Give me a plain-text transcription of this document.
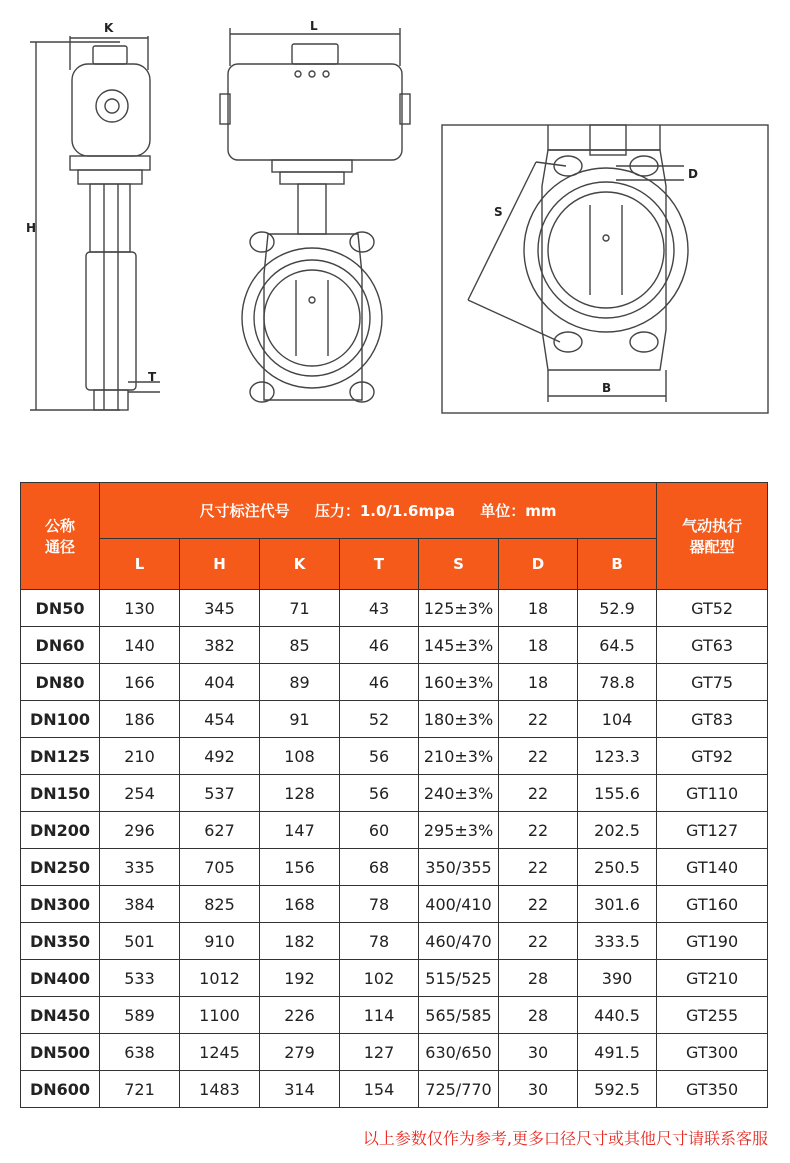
K
H
T
L
S
D
B
公称
通径	尺寸标注代号 压力：1.0/1.6mpa 单位：mm							气动执行
器配型
	L	H	K	T	S	D	B	
DN50	130	345	71	43	125±3%	18	52.9	GT52
DN60	140	382	85	46	145±3%	18	64.5	GT63
DN80	166	404	89	46	160±3%	18	78.8	GT75
DN100	186	454	91	52	180±3%	22	104	GT83
DN125	210	492	108	56	210±3%	22	123.3	GT92
DN150	254	537	128	56	240±3%	22	155.6	GT110
DN200	296	627	147	60	295±3%	22	202.5	GT127
DN250	335	705	156	68	350/355	22	250.5	GT140
DN300	384	825	168	78	400/410	22	301.6	GT160
DN350	501	910	182	78	460/470	22	333.5	GT190
DN400	533	1012	192	102	515/525	28	390	GT210
DN450	589	1100	226	114	565/585	28	440.5	GT255
DN500	638	1245	279	127	630/650	30	491.5	GT300
DN600	721	1483	314	154	725/770	30	592.5	GT350
以上参数仅作为参考,更多口径尺寸或其他尺寸请联系客服
